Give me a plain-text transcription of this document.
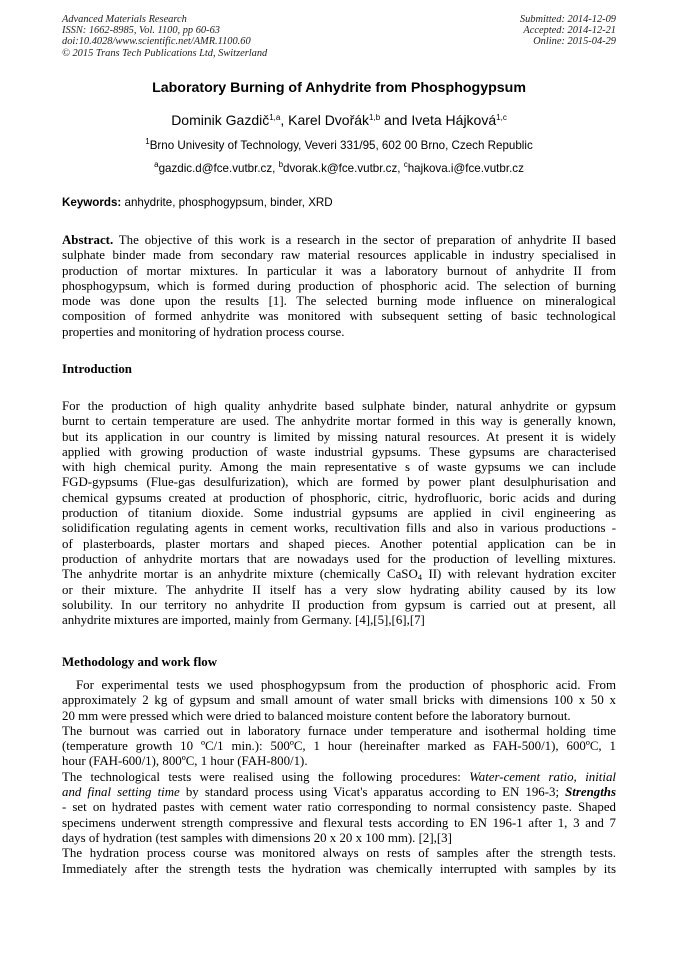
Advanced Materials Research
ISSN: 1662-8985, Vol. 1100, pp 60-63
doi:10.4028/www.scientific.net/AMR.1100.60
© 2015 Trans Tech Publications Ltd, Switzerland
Submitted: 2014-12-09
Accepted: 2014-12-21
Online: 2015-04-29
Laboratory Burning of Anhydrite from Phosphogypsum
Dominik Gazdič$^{1,a}$, Karel Dvořák$^{1,b}$ and Iveta Hájková$^{1,c}$
$^1$Brno Univesity of Technology, Veveri 331/95, 602 00 Brno, Czech Republic
$^a$gazdic.d@fce.vutbr.cz, $^b$dvorak.k@fce.vutbr.cz, $^c$hajkova.i@fce.vutbr.cz
Keywords: anhydrite, phosphogypsum, binder, XRD
Abstract. The objective of this work is a research in the sector of preparation of anhydrite II based
sulphate binder made from secondary raw material resources applicable in industry specialised in
production of mortar mixtures. In particular it was a laboratory burnout of anhydrite II from
phosphogypsum, which is formed during production of phosphoric acid. The selection of burning
mode was done upon the results [1]. The selected burning mode influence on mineralogical
composition of formed anhydrite was monitored with subsequent setting of basic technological
properties and monitoring of hydration process course.
Introduction
For the production of high quality anhydrite based sulphate binder, natural anhydrite or gypsum
burnt to certain temperature are used. The anhydrite mortar formed in this way is generally known,
but its application in our country is limited by missing natural resources. At present it is widely
applied with growing production of waste industrial gypsums. These gypsums are characterised
with high chemical purity. Among the main representative s of waste gypsums we can include
FGD-gypsums (Flue-gas desulfurization), which are formed by power plant desulphurisation and
chemical gypsums created at production of phosphoric, citric, hydrofluoric, boric acids and during
production of titanium dioxide. Some industrial gypsums are applied in civil engineering as
solidification regulating agents in cement works, recultivation fills and also in various productions -
of plasterboards, plaster mortars and shaped pieces. Another potential application can be in
production of anhydrite mortars that are nowadays used for the production of levelling mixtures.
The anhydrite mortar is an anhydrite mixture (chemically CaSO$_4$ II) with relevant hydration exciter
or their mixture. The anhydrite II itself has a very slow hydrating ability caused by its low
solubility. In our territory no anhydrite II production from gypsum is carried out at present, all
anhydrite mixtures are imported, mainly from Germany. [4],[5],[6],[7]
Methodology and work flow
For experimental tests we used phosphogypsum from the production of phosphoric acid. From
approximately 2 kg of gypsum and small amount of water small bricks with dimensions 100 x 50 x
20 mm were pressed which were dried to balanced moisture content before the laboratory burnout.
The burnout was carried out in laboratory furnace under temperature and isothermal holding time
(temperature growth 10 ºC/1 min.): 500ºC, 1 hour (hereinafter marked as FAH-500/1), 600ºC, 1
hour (FAH-600/1), 800ºC, 1 hour (FAH-800/1).
The technological tests were realised using the following procedures: Water-cement ratio, initial
and final setting time by standard process using Vicat's apparatus according to EN 196-3; Strengths
- set on hydrated pastes with cement water ratio corresponding to normal consistency paste. Shaped
specimens underwent strength compressive and flexural tests according to EN 196-1 after 1, 3 and 7
days of hydration (test samples with dimensions 20 x 20 x 100 mm). [2],[3]
The hydration process course was monitored always on rests of samples after the strength tests.
Immediately after the strength tests the hydration was chemically interrupted with samples by its
